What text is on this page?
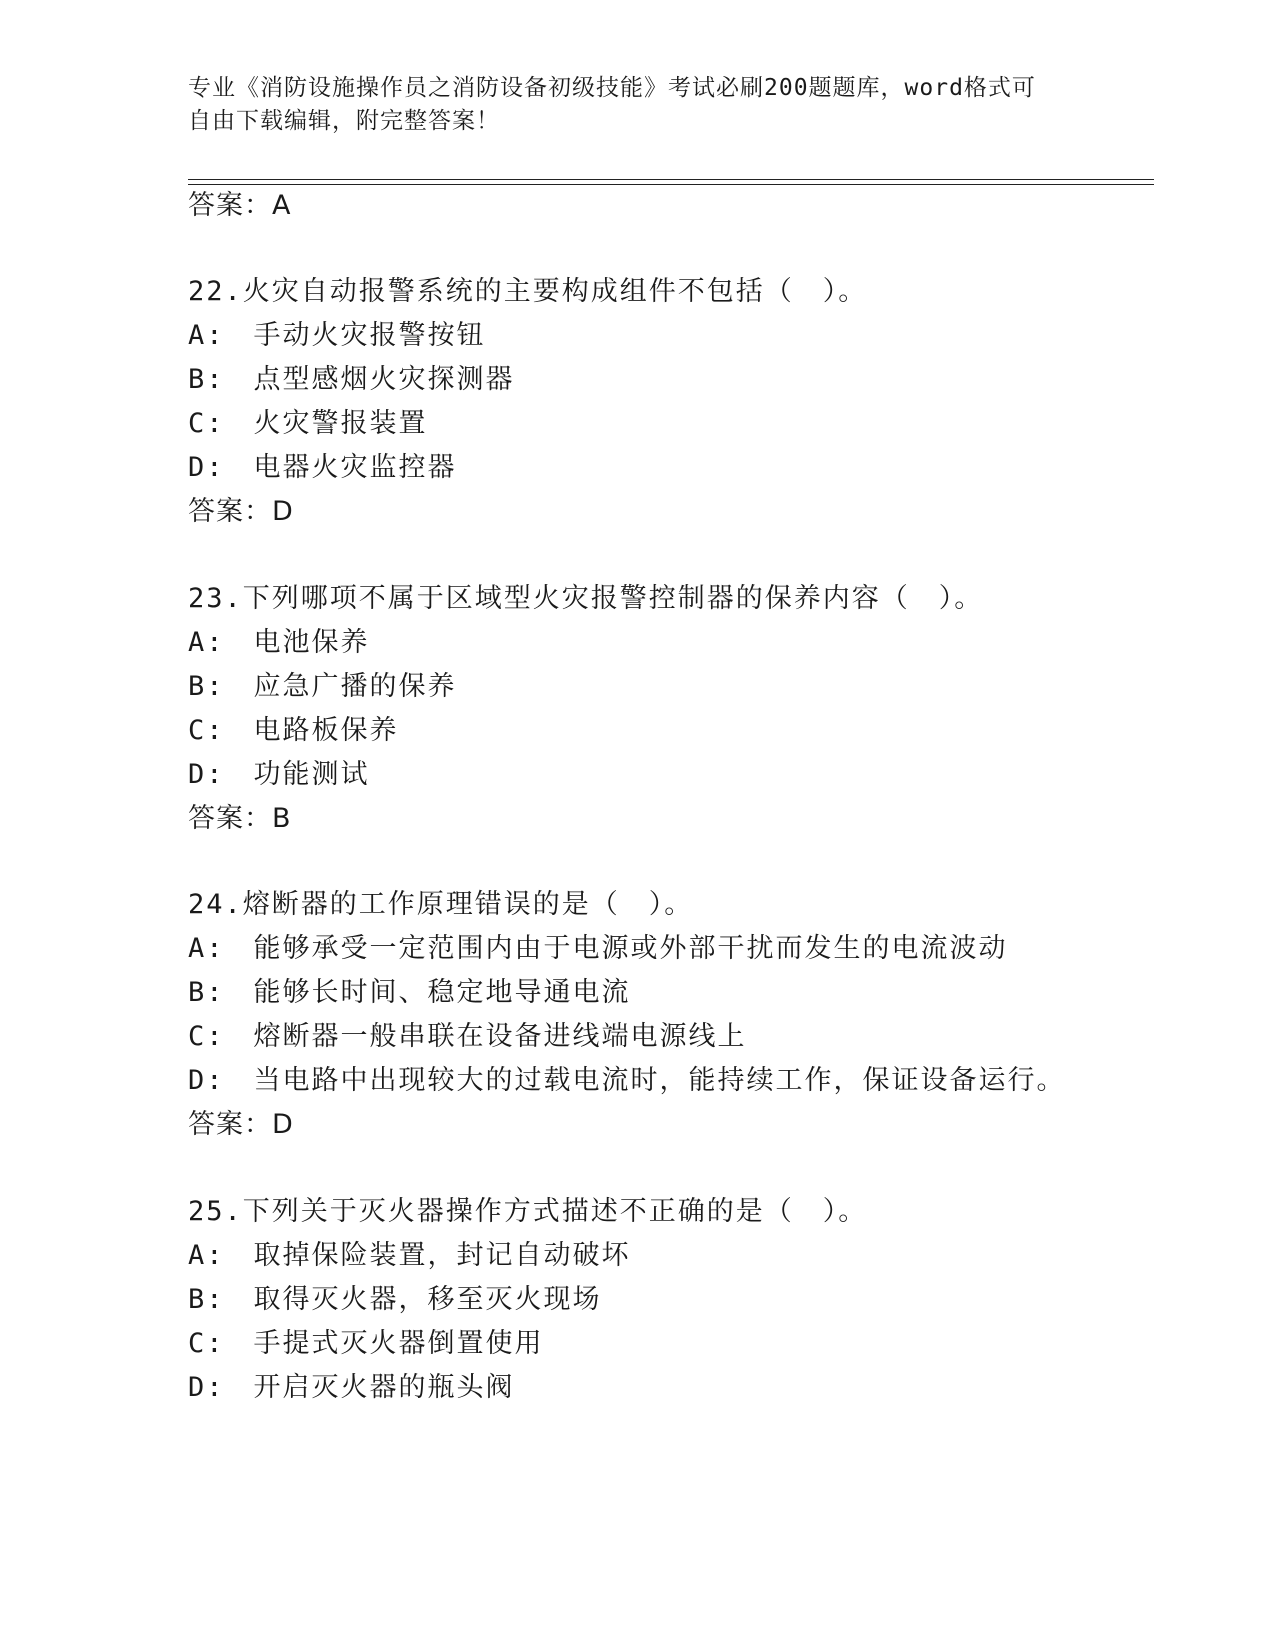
专业《消防设施操作员之消防设备初级技能》考试必刷200题题库，word格式可
自由下载编辑，附完整答案！
答案：A
22.火灾自动报警系统的主要构成组件不包括（　）。
A:　手动火灾报警按钮
B:　点型感烟火灾探测器
C:　火灾警报装置
D:　电器火灾监控器
答案：D
23.下列哪项不属于区域型火灾报警控制器的保养内容（　）。
A:　电池保养
B:　应急广播的保养
C:　电路板保养
D:　功能测试
答案：B
24.熔断器的工作原理错误的是（　）。
A:　能够承受一定范围内由于电源或外部干扰而发生的电流波动
B:　能够长时间、稳定地导通电流
C:　熔断器一般串联在设备进线端电源线上
D:　当电路中出现较大的过载电流时，能持续工作，保证设备运行。
答案：D
25.下列关于灭火器操作方式描述不正确的是（　）。
A:　取掉保险装置，封记自动破坏
B:　取得灭火器，移至灭火现场
C:　手提式灭火器倒置使用
D:　开启灭火器的瓶头阀
